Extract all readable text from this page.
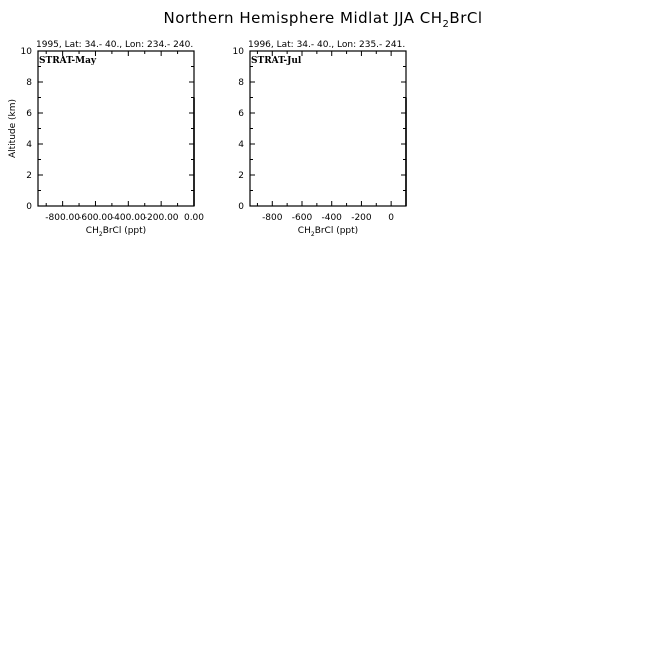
Northern Hemisphere Midlat JJA $CH_2BrCl$
1995, Lat: 34.- 40., Lon: 234.- 240.
STRAT-May
-800.00
-600.00
-400.00
-200.00 0.00
0
2
4
6
8
10
$CH_2BrCl$ (ppt)
Altitude (km)
1996, Lat: 34.- 40., Lon: 235.- 241.
STRAT-Jul
-800 -600 -400 -200 0
0
2
4
6
8
10
$CH_2BrCl$ (ppt)
